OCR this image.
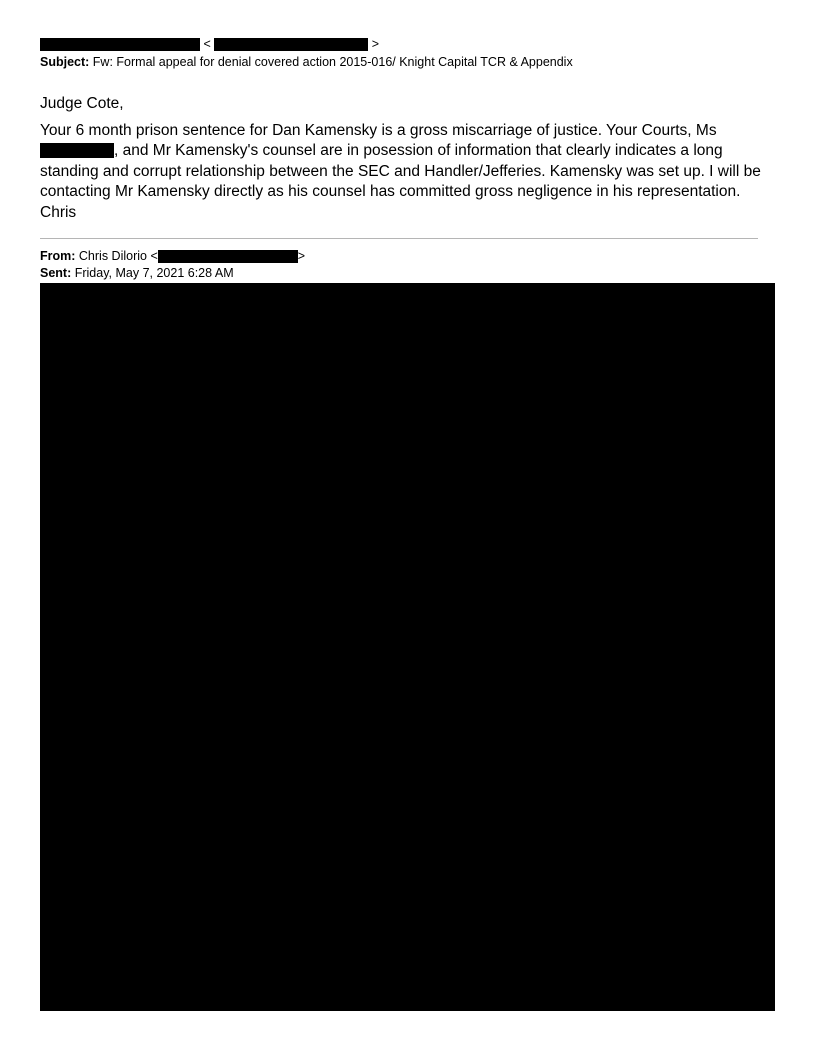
<	>
Subject: Fw: Formal appeal for denial covered action 2015-016/ Knight Capital TCR & Appendix

Judge Cote,

Your 6 month prison sentence for Dan Kamensky is a gross miscarriage of justice. Your Courts, Ms , and Mr Kamensky's counsel are in posession of information that clearly indicates a long standing and corrupt relationship between the SEC and Handler/Jefferies. Kamensky was set up. I will be contacting Mr Kamensky directly as his counsel has committed gross negligence in his representation.

Chris

From: Chris Dilorio <	>
Sent: Friday, May 7, 2021 6:28 AM
